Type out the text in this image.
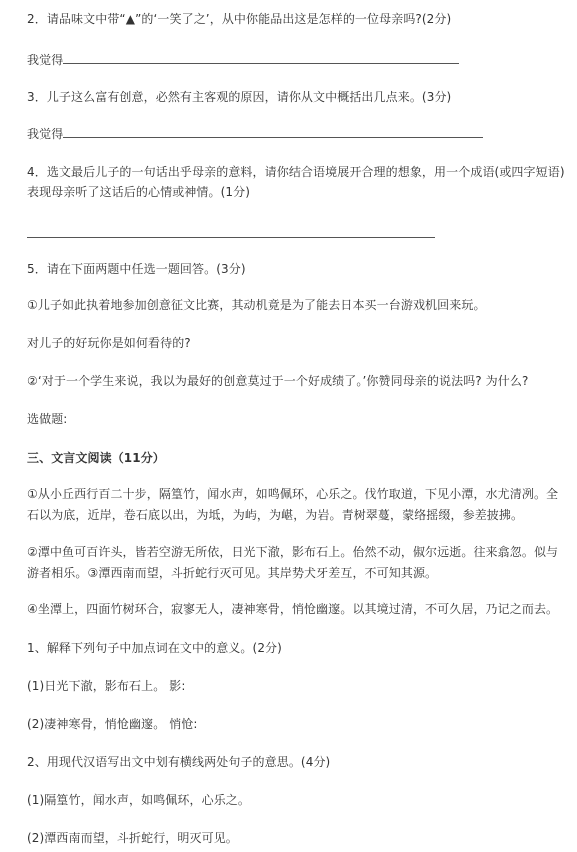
2．请品味文中带“▲”的‘一笑了之’，从中你能品出这是怎样的一位母亲吗?(2分)
我觉得
3．儿子这么富有创意，必然有主客观的原因，请你从文中概括出几点来。(3分)
我觉得
4．选文最后儿子的一句话出乎母亲的意料，请你结合语境展开合理的想象，用一个成语(或四字短语)
表现母亲听了这话后的心情或神情。(1分)
5．请在下面两题中任选一题回答。(3分)
①儿子如此执着地参加创意征文比赛，其动机竟是为了能去日本买一台游戏机回来玩。
对儿子的好玩你是如何看待的?
②‘对于一个学生来说，我以为最好的创意莫过于一个好成绩了。’你赞同母亲的说法吗? 为什么?
选做题:
三、文言文阅读（11分）
①从小丘西行百二十步，隔篁竹，闻水声，如鸣佩环，心乐之。伐竹取道，下见小潭，水尤清冽。全石以为底，近岸，卷石底以出，为坻，为屿，为嵁，为岩。青树翠蔓，蒙络摇缀，参差披拂。
②潭中鱼可百许头，皆若空游无所依，日光下澈，影布石上。佁然不动，俶尔远逝。往来翕忽。似与游者相乐。③潭西南而望，斗折蛇行灭可见。其岸势犬牙差互，不可知其源。
④坐潭上，四面竹树环合，寂寥无人，凄神寒骨，悄怆幽邃。以其境过清，不可久居，乃记之而去。
1、解释下列句子中加点词在文中的意义。(2分)
(1)日光下澈，影布石上。 影:
(2)凄神寒骨，悄怆幽邃。 悄怆:
2、用现代汉语写出文中划有横线两处句子的意思。(4分)
(1)隔篁竹，闻水声，如鸣佩环，心乐之。
(2)潭西南而望，斗折蛇行，明灭可见。
